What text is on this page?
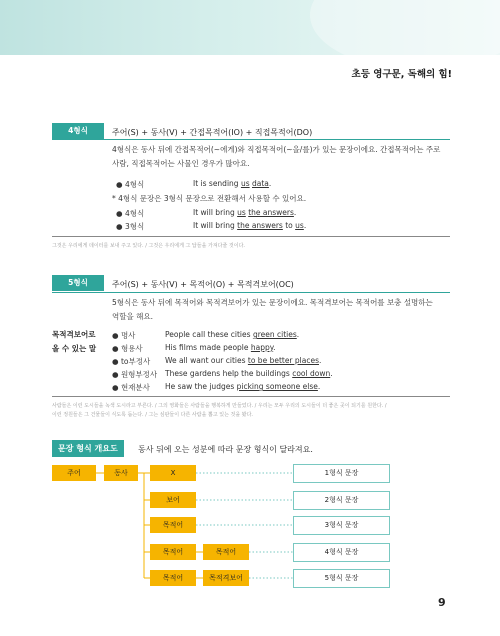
초등 영구문, 독해의 힘!
4형식	주어(S) + 동사(V) + 간접목적어(IO) + 직접목적어(DO)
4형식은 동사 뒤에 간접목적어(~에게)와 직접목적어(~을/를)가 있는 문장이에요. 간접목적어는 주로
사람, 직접목적어는 사물인 경우가 많아요.
● 4형식	It is sending us data.
* 4형식 문장은 3형식 문장으로 전환해서 사용할 수 있어요.
● 4형식	It will bring us the answers.
● 3형식	It will bring the answers to us.
그것은 우리에게 데이터를 보내 주고 있다. / 그것은 우리에게 그 답들을 가져다줄 것이다.
5형식	주어(S) + 동사(V) + 목적어(O) + 목적격보어(OC)
5형식은 동사 뒤에 목적어와 목적격보어가 있는 문장이에요. 목적격보어는 목적어를 보충 설명하는
역할을 해요.
목적격보어로
올 수 있는 말
● 명사	People call these cities green cities.
● 형용사	His films made people happy.
● to부정사 We all want our cities to be better places.
● 원형부정사 These gardens help the buildings cool down.
● 현재분사 He saw the judges picking someone else.
사람들은 이런 도시들을 녹색 도시라고 부른다. / 그의 영화들은 사람들을 행복하게 만들었다. / 우리는 모두 우리의 도시들이 더 좋은 곳이 되기를 원한다. /
이런 정원들은 그 건물들이 식도록 돕는다. / 그는 심판들이 다른 사람을 뽑고 있는 것을 봤다.
문장 형식 개요도	동사 뒤에 오는 성분에 따라 문장 형식이 달라져요.
주어	동사	X
보어
목적어
목적어	목적어
목적어	목적격보어
1형식 문장
2형식 문장
3형식 문장
4형식 문장
5형식 문장
9
